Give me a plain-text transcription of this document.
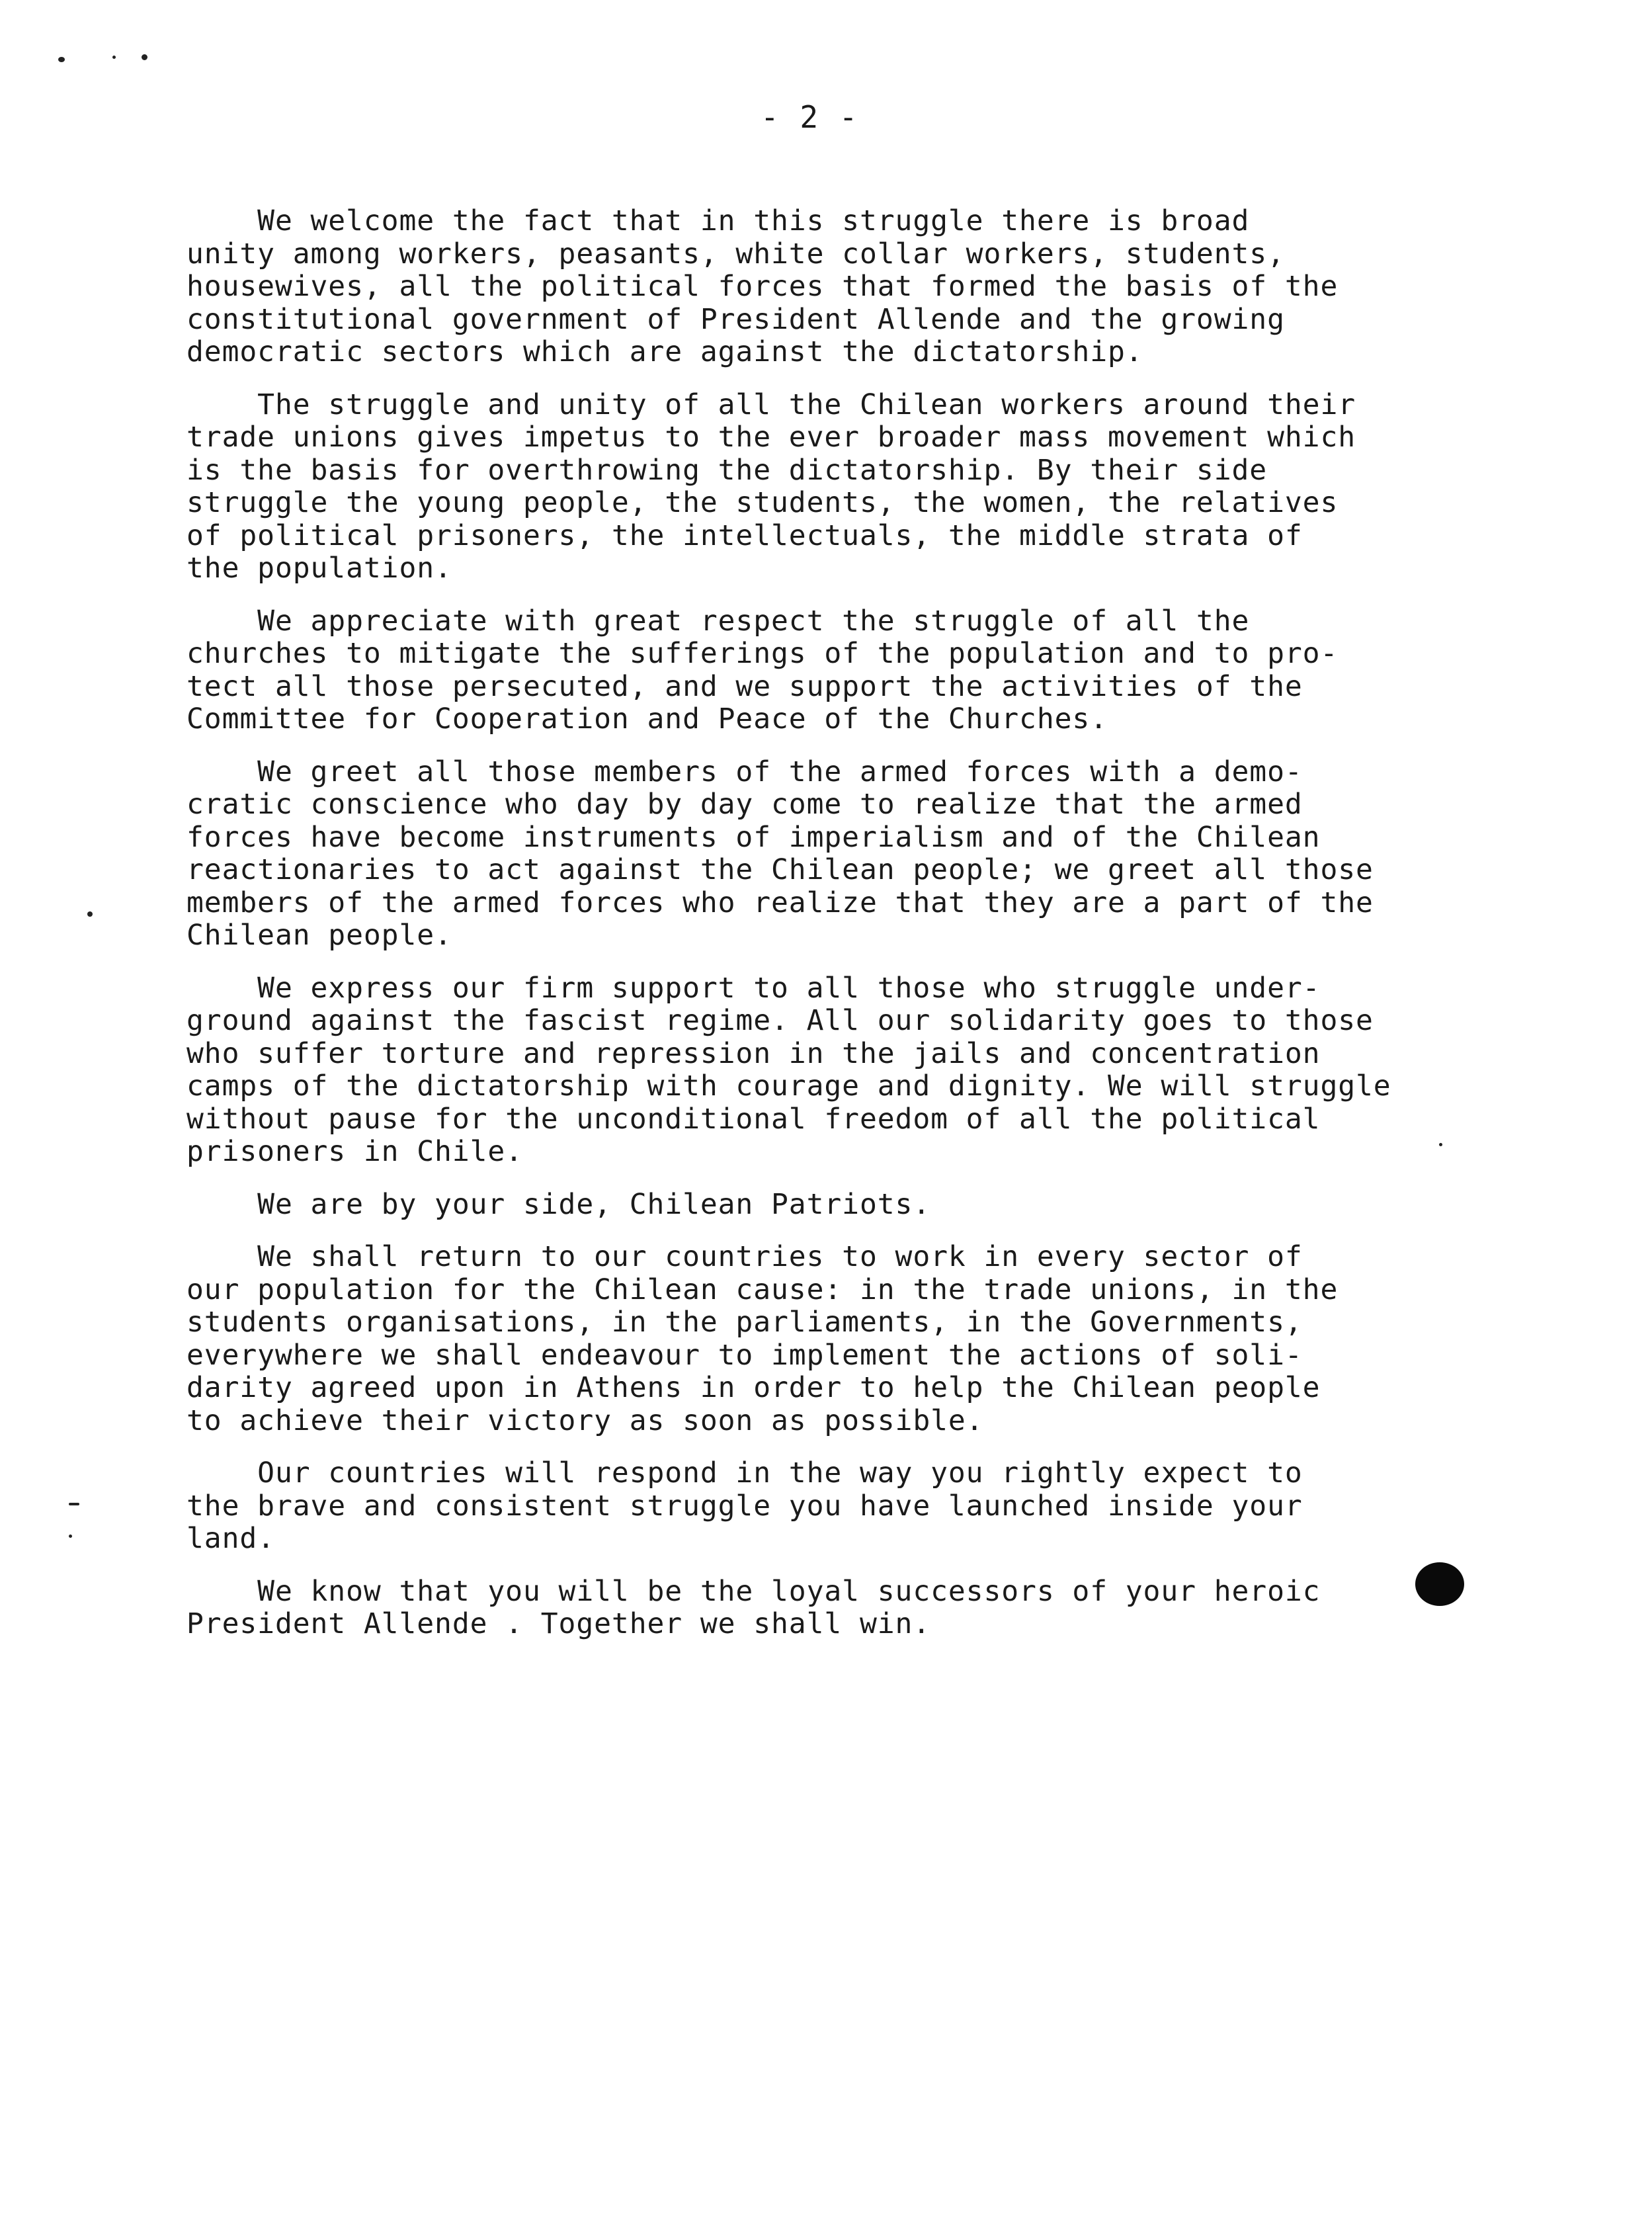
- 2 -
We welcome the fact that in this struggle there is broad
unity among workers, peasants, white collar workers, students,
housewives, all the political forces that formed the basis of the
constitutional government of President Allende and the growing
democratic sectors which are against the dictatorship.
The struggle and unity of all the Chilean workers around their
trade unions gives impetus to the ever broader mass movement which
is the basis for overthrowing the dictatorship. By their side
struggle the young people, the students, the women, the relatives
of political prisoners, the intellectuals, the middle strata of
the population.
We appreciate with great respect the struggle of all the
churches to mitigate the sufferings of the population and to pro-
tect all those persecuted, and we support the activities of the
Committee for Cooperation and Peace of the Churches.
We greet all those members of the armed forces with a demo-
cratic conscience who day by day come to realize that the armed
forces have become instruments of imperialism and of the Chilean
reactionaries to act against the Chilean people; we greet all those
members of the armed forces who realize that they are a part of the
Chilean people.
We express our firm support to all those who struggle under-
ground against the fascist regime. All our solidarity goes to those
who suffer torture and repression in the jails and concentration
camps of the dictatorship with courage and dignity. We will struggle
without pause for the unconditional freedom of all the political
prisoners in Chile.
We are by your side, Chilean Patriots.
We shall return to our countries to work in every sector of
our population for the Chilean cause: in the trade unions, in the
students organisations, in the parliaments, in the Governments,
everywhere we shall endeavour to implement the actions of soli-
darity agreed upon in Athens in order to help the Chilean people
to achieve their victory as soon as possible.
Our countries will respond in the way you rightly expect to
the brave and consistent struggle you have launched inside your
land.
We know that you will be the loyal successors of your heroic
President Allende . Together we shall win.
